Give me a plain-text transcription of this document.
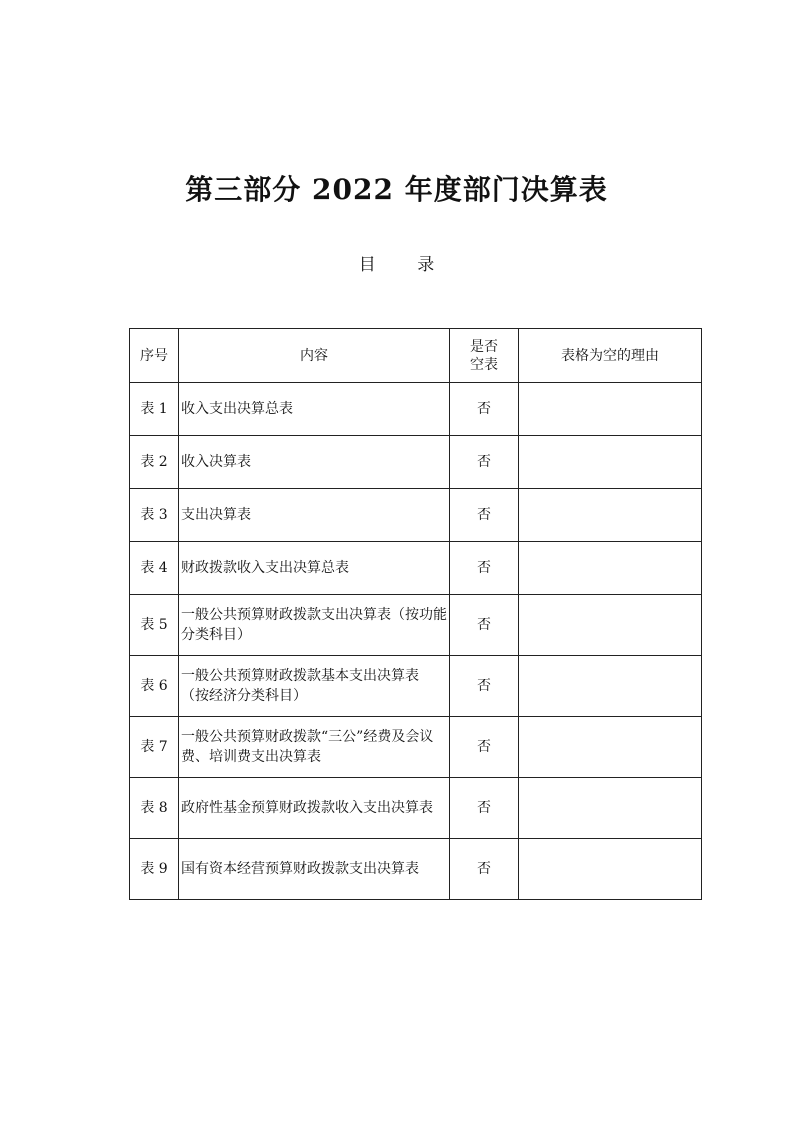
第三部分 2022 年度部门决算表
目 录
序号	内容	是否空表	表格为空的理由
表 1	收入支出决算总表	否	
表 2	收入决算表	否	
表 3	支出决算表	否	
表 4	财政拨款收入支出决算总表	否	
表 5	一般公共预算财政拨款支出决算表（按功能分类科目）	否	
表 6	一般公共预算财政拨款基本支出决算表 （按经济分类科目）	否	
表 7	一般公共预算财政拨款“三公”经费及会议费、培训费支出决算表	否	
表 8	政府性基金预算财政拨款收入支出决算表	否	
表 9	国有资本经营预算财政拨款支出决算表	否	
